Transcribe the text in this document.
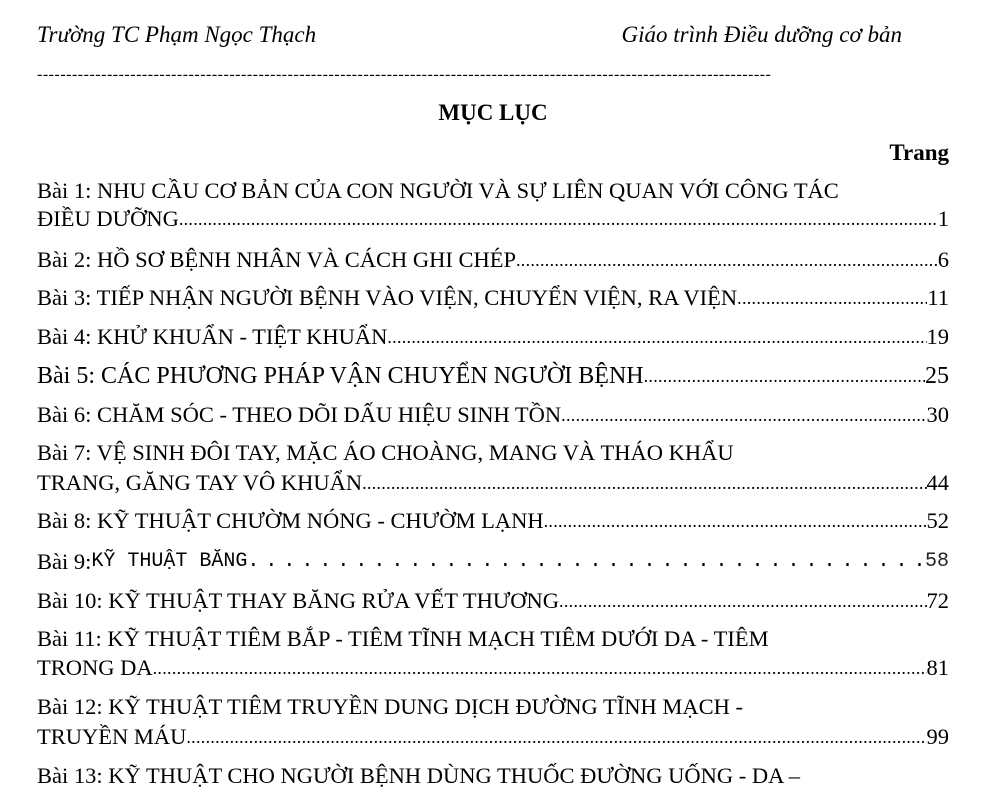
Trường TC Phạm Ngọc Thạch	Giáo trình Điều dưỡng cơ bản
------------------------------------------------------------------------------------------------------------------------------
MỤC LỤC
Trang
Bài 1: NHU CẦU CƠ BẢN CỦA CON NGƯỜI VÀ SỰ LIÊN QUAN VỚI CÔNG TÁC
ĐIỀU DƯỠNG .....	1
Bài 2: HỒ SƠ BỆNH NHÂN VÀ CÁCH GHI CHÉP .....	6
Bài 3: TIẾP NHẬN NGƯỜI BỆNH VÀO VIỆN, CHUYỂN VIỆN, RA VIỆN .....	11
Bài 4: KHỬ KHUẨN - TIỆT KHUẨN .....	19
Bài 5: CÁC PHƯƠNG PHÁP VẬN CHUYỂN NGƯỜI BỆNH .....	25
Bài 6: CHĂM SÓC - THEO DÕI DẤU HIỆU SINH TỒN .....	30
Bài 7: VỆ SINH ĐÔI TAY, MẶC ÁO CHOÀNG, MANG VÀ THÁO KHẨU
TRANG, GĂNG TAY VÔ KHUẨN .....	44
Bài 8: KỸ THUẬT CHƯỜM NÓNG - CHƯỜM LẠNH .....	52
Bài 9: KỸ THUẬT BĂNG .....	58
Bài 10: KỸ THUẬT THAY BĂNG RỬA VẾT THƯƠNG .....	72
Bài 11: KỸ THUẬT TIÊM BẮP - TIÊM TĨNH MẠCH TIÊM DƯỚI DA - TIÊM
TRONG DA .....	81
Bài 12: KỸ THUẬT TIÊM TRUYỀN DUNG DỊCH ĐƯỜNG TĨNH MẠCH -
TRUYỀN MÁU .....	99
Bài 13: KỸ THUẬT CHO NGƯỜI BỆNH DÙNG THUỐC ĐƯỜNG UỐNG - DA –
